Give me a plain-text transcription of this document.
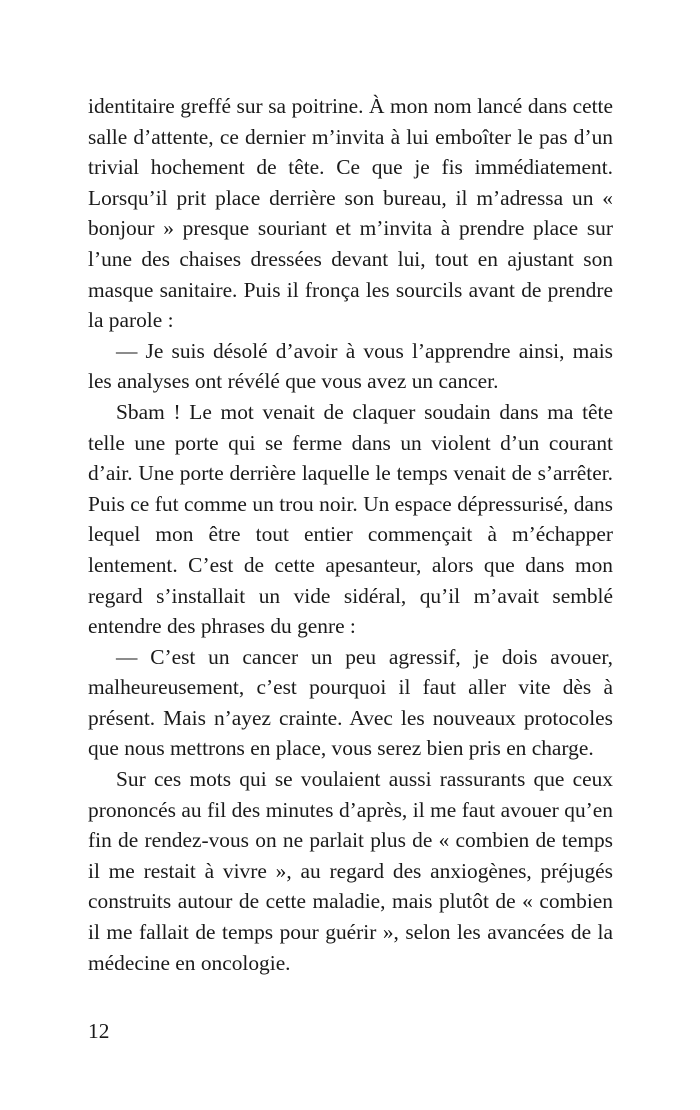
identitaire greffé sur sa poitrine. À mon nom lancé dans cette salle d’attente, ce dernier m’invita à lui emboîter le pas d’un trivial hochement de tête. Ce que je fis immédiatement. Lorsqu’il prit place derrière son bureau, il m’adressa un « bonjour » presque souriant et m’invita à prendre place sur l’une des chaises dressées devant lui, tout en ajustant son masque sanitaire. Puis il fronça les sourcils avant de prendre la parole :

— Je suis désolé d’avoir à vous l’apprendre ainsi, mais les analyses ont révélé que vous avez un cancer.

Sbam ! Le mot venait de claquer soudain dans ma tête telle une porte qui se ferme dans un violent d’un courant d’air. Une porte derrière laquelle le temps venait de s’arrêter. Puis ce fut comme un trou noir. Un espace dépressurisé, dans lequel mon être tout entier commençait à m’échapper lentement. C’est de cette apesanteur, alors que dans mon regard s’installait un vide sidéral, qu’il m’avait semblé entendre des phrases du genre :

— C’est un cancer un peu agressif, je dois avouer, malheureusement, c’est pourquoi il faut aller vite dès à présent. Mais n’ayez crainte. Avec les nouveaux protocoles que nous mettrons en place, vous serez bien pris en charge.

Sur ces mots qui se voulaient aussi rassurants que ceux prononcés au fil des minutes d’après, il me faut avouer qu’en fin de rendez-vous on ne parlait plus de « combien de temps il me restait à vivre », au regard des anxiogènes, préjugés construits autour de cette maladie, mais plutôt de « combien il me fallait de temps pour guérir », selon les avancées de la médecine en oncologie.

12
